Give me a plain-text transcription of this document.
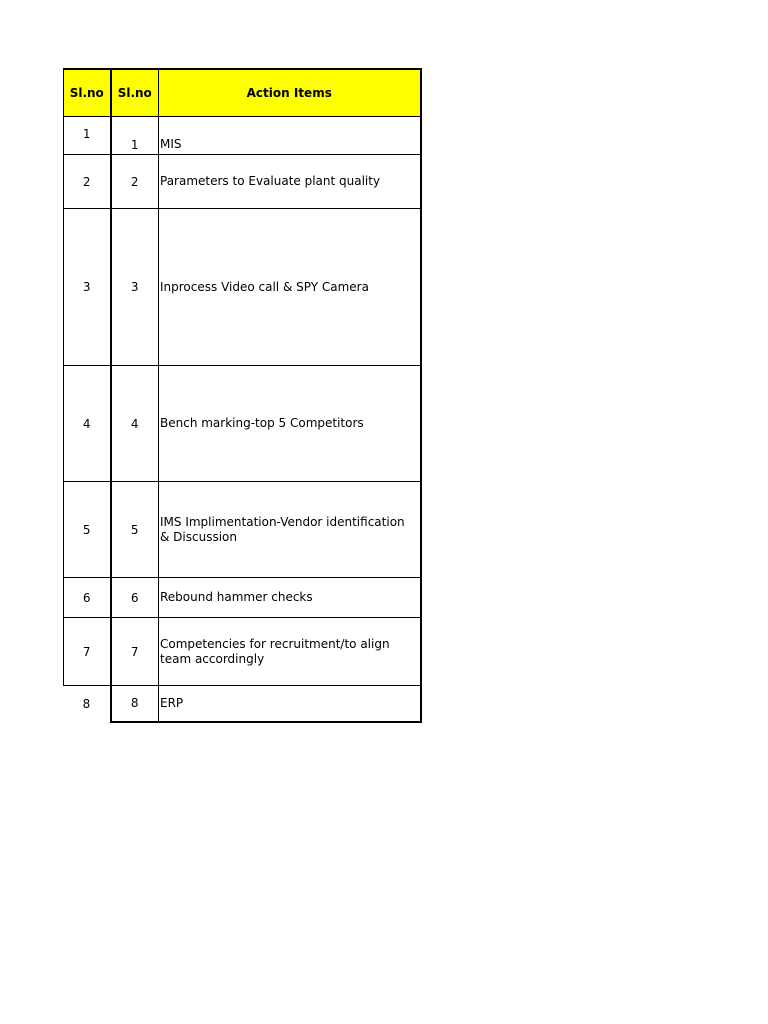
Sl.no	Sl.no	Action Items
1	1	MIS
2	2	Parameters to Evaluate plant quality
3	3	Inprocess Video call & SPY Camera
4	4	Bench marking-top 5 Competitors
5	5	IMS Implimentation-Vendor identification & Discussion
6	6	Rebound hammer checks
7	7	Competencies for recruitment/to align team accordingly
8	8	ERP
